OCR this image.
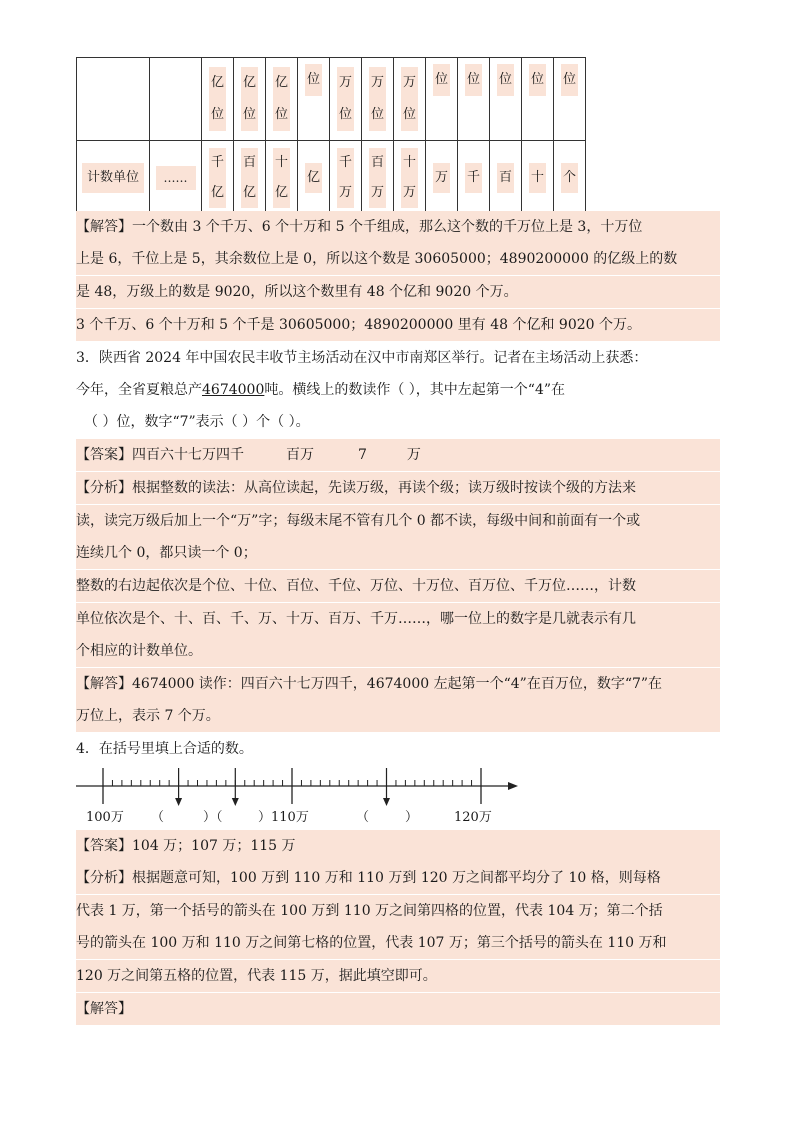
		亿位	亿位	亿位	位	万位	万位	万位	位	位	位	位	位
计数单位	……	千亿	百亿	十亿	亿	千万	百万	十万	万	千	百	十	个
【解答】一个数由 3 个千万、6 个十万和 5 个千组成，那么这个数的千万位上是 3，十万位
上是 6，千位上是 5，其余数位上是 0，所以这个数是 30605000；4890200000 的亿级上的数
是 48，万级上的数是 9020，所以这个数里有 48 个亿和 9020 个万。
3 个千万、6 个十万和 5 个千是 30605000；4890200000 里有 48 个亿和 9020 个万。
3．陕西省 2024 年中国农民丰收节主场活动在汉中市南郑区举行。记者在主场活动上获悉：
今年，全省夏粮总产4674000吨。横线上的数读作（ ），其中左起第一个“4”在
（ ）位，数字“7”表示（ ）个（ ）。
【答案】四百六十七万四千	百万	7	万
【分析】根据整数的读法：从高位读起，先读万级，再读个级；读万级时按读个级的方法来
读，读完万级后加上一个“万”字；每级末尾不管有几个 0 都不读，每级中间和前面有一个或
连续几个 0，都只读一个 0；
整数的右边起依次是个位、十位、百位、千位、万位、十万位、百万位、千万位……，计数
单位依次是个、十、百、千、万、十万、百万、千万……，哪一位上的数字是几就表示有几
个相应的计数单位。
【解答】4674000 读作：四百六十七万四千，4674000 左起第一个“4”在百万位，数字“7”在
万位上，表示 7 个万。
4．在括号里填上合适的数。
100万 （	）（	）110万	（	）	120万
【答案】104 万；107 万；115 万
【分析】根据题意可知，100 万到 110 万和 110 万到 120 万之间都平均分了 10 格，则每格
代表 1 万，第一个括号的箭头在 100 万到 110 万之间第四格的位置，代表 104 万；第二个括
号的箭头在 100 万和 110 万之间第七格的位置，代表 107 万；第三个括号的箭头在 110 万和
120 万之间第五格的位置，代表 115 万，据此填空即可。
【解答】
